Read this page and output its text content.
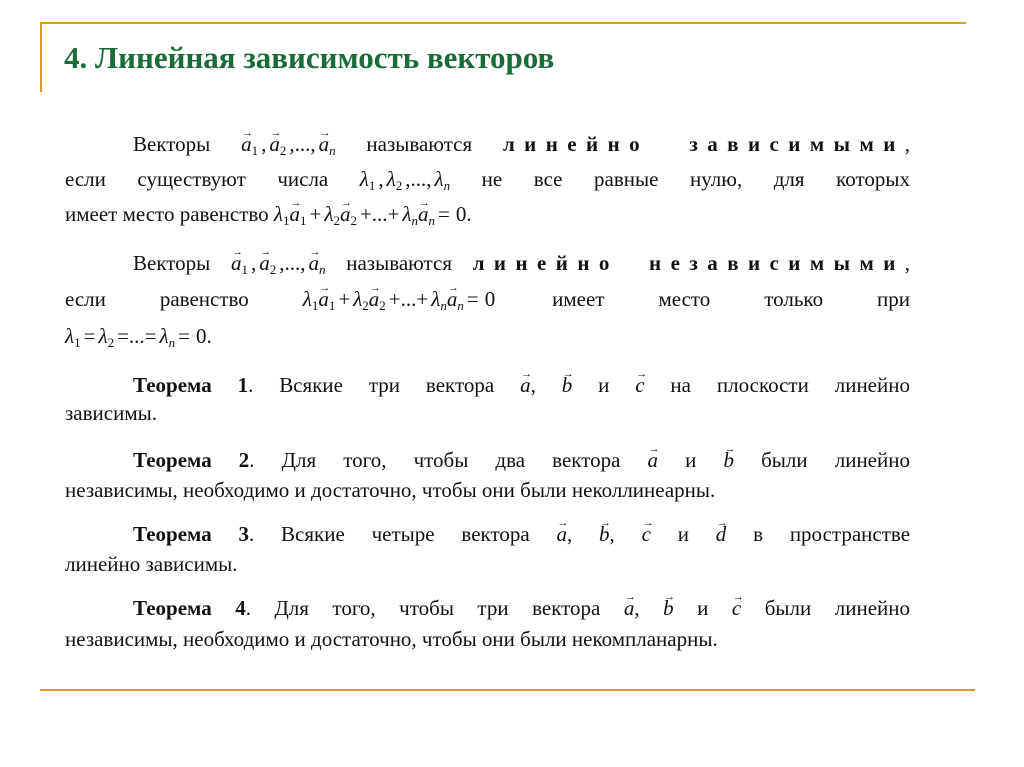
4. Линейная зависимость векторов
Векторы → $a_1$ , → $a_2$ ,..., → $a_n$ называются линейно зависимыми,
если существуют числа $\lambda_1$ , $\lambda_2$ ,..., $\lambda_n$ не все равные нулю, для которых
имеет место равенство $\lambda_1\to a_1 + \lambda_2\to a_2$ +...+ $\lambda_n\to a_n = 0$.
Векторы → $a_1$ , → $a_2$ ,..., → $a_n$ называются линейно независимыми,
если равенство $\lambda_1\to a_1 + \lambda_2\to a_2$ +...+ $\lambda_n\to a_n = 0$ имеет место только при
$\lambda_1 = \lambda_2$ =...= $\lambda_n = 0$.
Теорема 1. Всякие три вектора → a, → b и → c на плоскости линейно
зависимы.
Теорема 2. Для того, чтобы два вектора → a и → b были линейно
независимы, необходимо и достаточно, чтобы они были неколлинеарны.
Теорема 3. Всякие четыре вектора → a, → b, → c и → d в пространстве
линейно зависимы.
Теорема 4. Для того, чтобы три вектора → a, → b и → c были линейно
независимы, необходимо и достаточно, чтобы они были некомпланарны.
